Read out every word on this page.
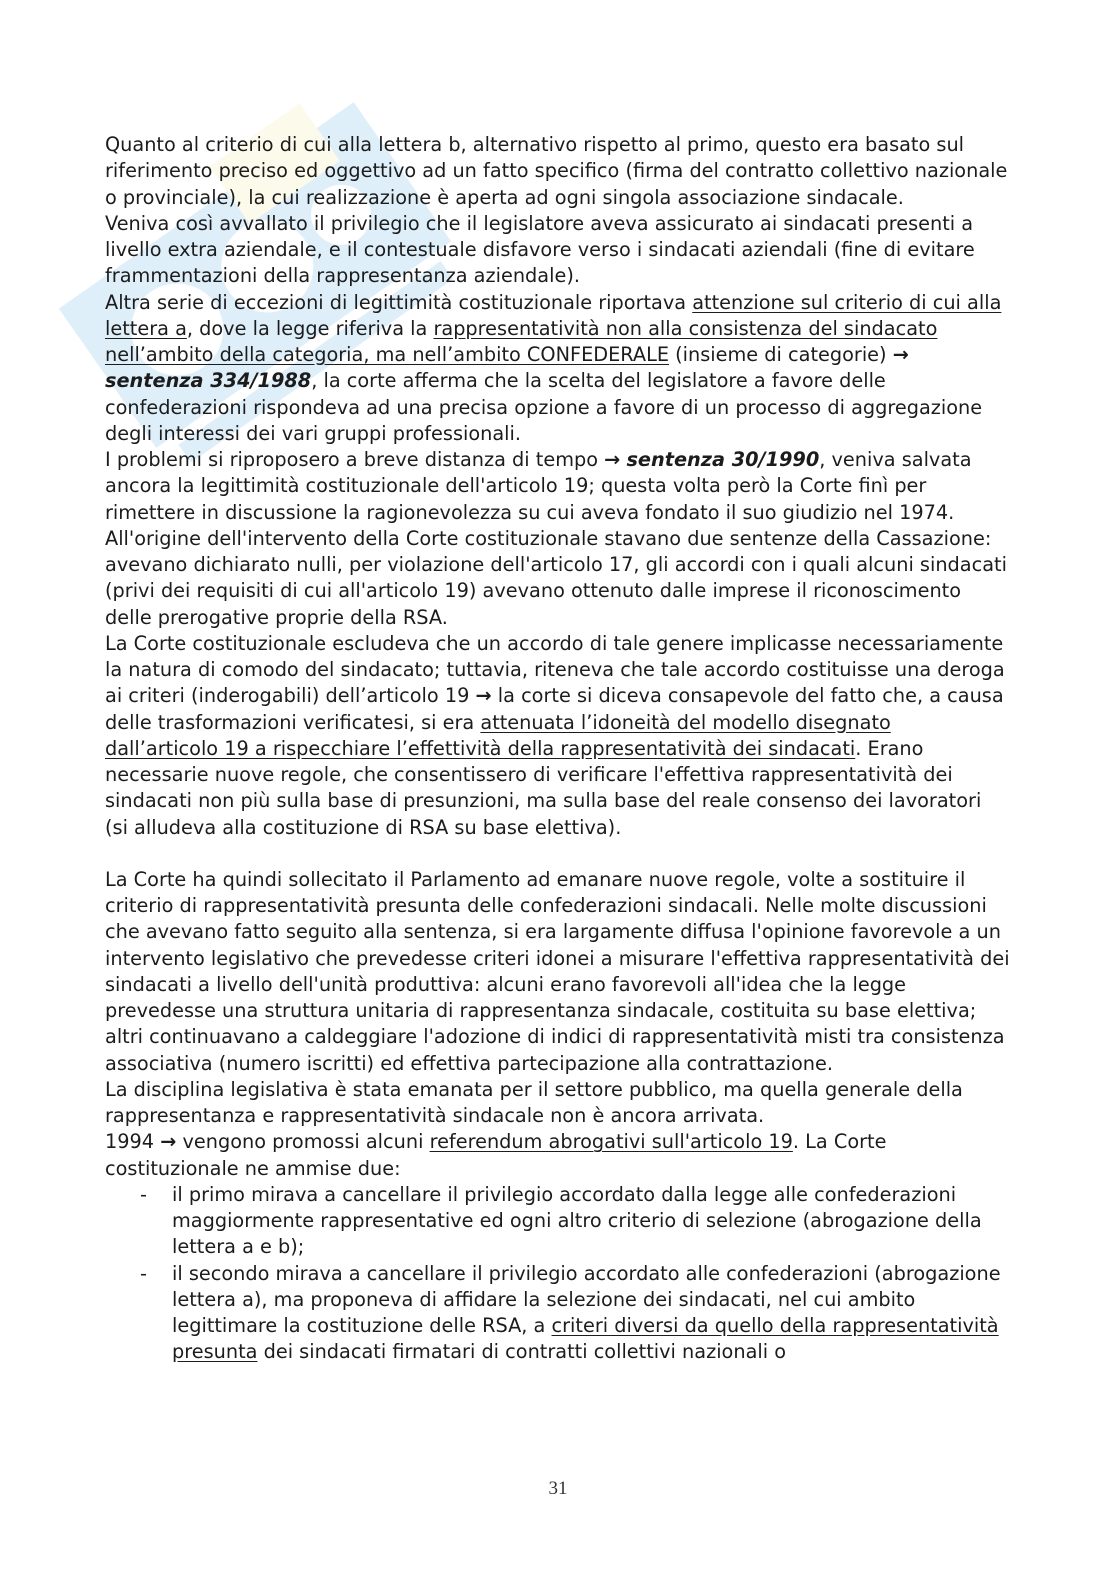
Quanto al criterio di cui alla lettera b, alternativo rispetto al primo, questo era basato sul riferimento preciso ed oggettivo ad un fatto specifico (firma del contratto collettivo nazionale o provinciale), la cui realizzazione è aperta ad ogni singola associazione sindacale.

Veniva così avvallato il privilegio che il legislatore aveva assicurato ai sindacati presenti a livello extra aziendale, e il contestuale disfavore verso i sindacati aziendali (fine di evitare frammentazioni della rappresentanza aziendale).

Altra serie di eccezioni di legittimità costituzionale riportava attenzione sul criterio di cui alla lettera a, dove la legge riferiva la rappresentatività non alla consistenza del sindacato nell’ambito della categoria, ma nell’ambito CONFEDERALE (insieme di categorie) →
sentenza 334/1988, la corte afferma che la scelta del legislatore a favore delle confederazioni rispondeva ad una precisa opzione a favore di un processo di aggregazione degli interessi dei vari gruppi professionali.

I problemi si riproposero a breve distanza di tempo → sentenza 30/1990, veniva salvata ancora la legittimità costituzionale dell'articolo 19; questa volta però la Corte finì per rimettere in discussione la ragionevolezza su cui aveva fondato il suo giudizio nel 1974.

All'origine dell'intervento della Corte costituzionale stavano due sentenze della Cassazione: avevano dichiarato nulli, per violazione dell'articolo 17, gli accordi con i quali alcuni sindacati (privi dei requisiti di cui all'articolo 19) avevano ottenuto dalle imprese il riconoscimento delle prerogative proprie della RSA.

La Corte costituzionale escludeva che un accordo di tale genere implicasse necessariamente la natura di comodo del sindacato; tuttavia, riteneva che tale accordo costituisse una deroga ai criteri (inderogabili) dell’articolo 19 → la corte si diceva consapevole del fatto che, a causa delle trasformazioni verificatesi, si era attenuata l’idoneità del modello disegnato dall’articolo 19 a rispecchiare l’effettività della rappresentatività dei sindacati. Erano necessarie nuove regole, che consentissero di verificare l'effettiva rappresentatività dei sindacati non più sulla base di presunzioni, ma sulla base del reale consenso dei lavoratori (si alludeva alla costituzione di RSA su base elettiva).

La Corte ha quindi sollecitato il Parlamento ad emanare nuove regole, volte a sostituire il criterio di rappresentatività presunta delle confederazioni sindacali. Nelle molte discussioni che avevano fatto seguito alla sentenza, si era largamente diffusa l'opinione favorevole a un intervento legislativo che prevedesse criteri idonei a misurare l'effettiva rappresentatività dei sindacati a livello dell'unità produttiva: alcuni erano favorevoli all'idea che la legge prevedesse una struttura unitaria di rappresentanza sindacale, costituita su base elettiva; altri continuavano a caldeggiare l'adozione di indici di rappresentatività misti tra consistenza associativa (numero iscritti) ed effettiva partecipazione alla contrattazione.

La disciplina legislativa è stata emanata per il settore pubblico, ma quella generale della rappresentanza e rappresentatività sindacale non è ancora arrivata.

1994 → vengono promossi alcuni referendum abrogativi sull'articolo 19. La Corte costituzionale ne ammise due:

- il primo mirava a cancellare il privilegio accordato dalla legge alle confederazioni maggiormente rappresentative ed ogni altro criterio di selezione (abrogazione della lettera a e b);
- il secondo mirava a cancellare il privilegio accordato alle confederazioni (abrogazione lettera a), ma proponeva di affidare la selezione dei sindacati, nel cui ambito legittimare la costituzione delle RSA, a criteri diversi da quello della rappresentatività presunta dei sindacati firmatari di contratti collettivi nazionali o
31
